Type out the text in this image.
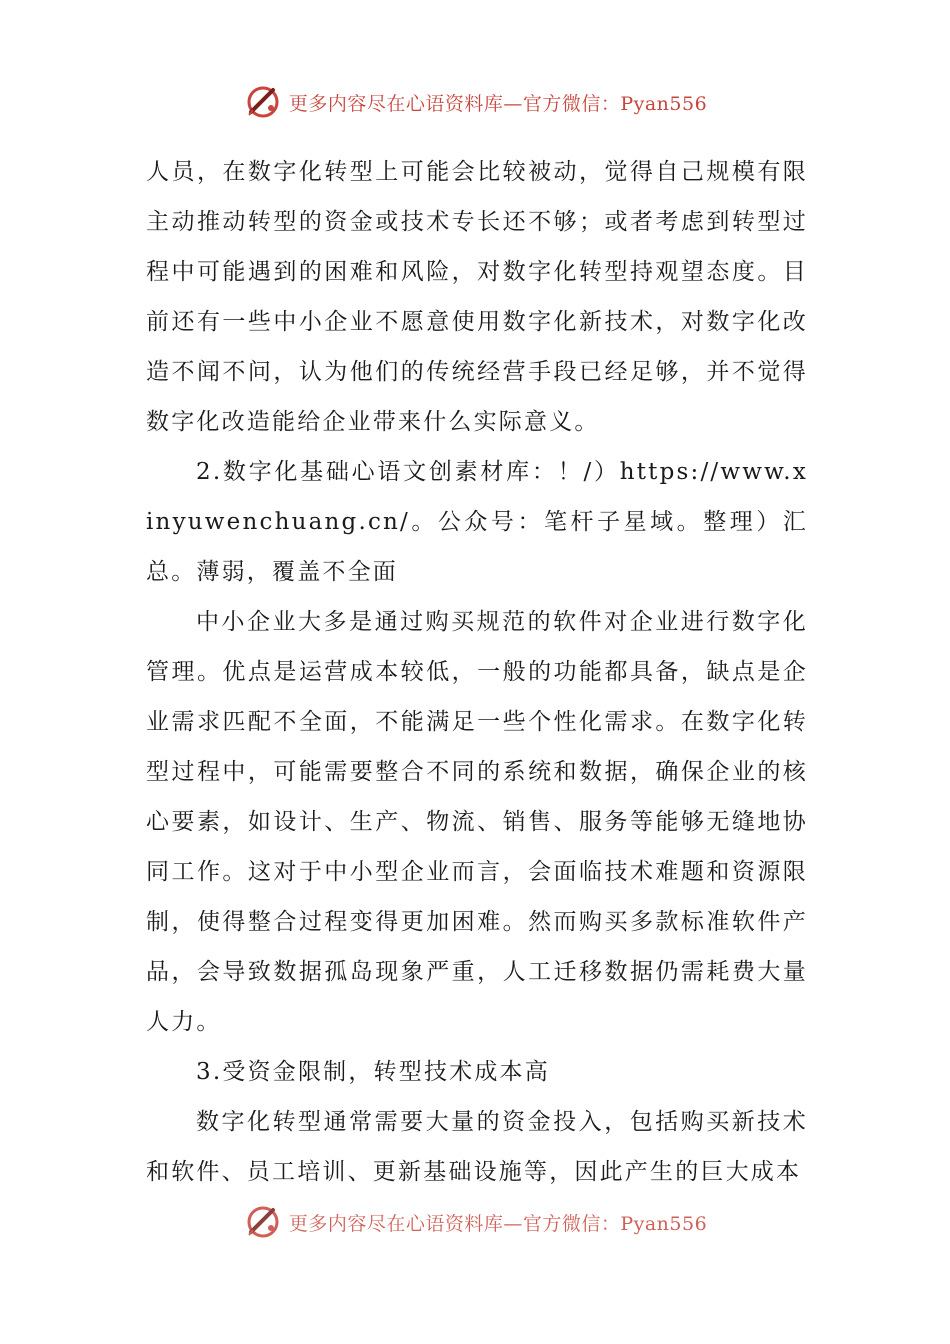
更多内容尽在心语资料库—官方微信：Pyan556

人员，在数字化转型上可能会比较被动，觉得自己规模有限主动推动转型的资金或技术专长还不够；或者考虑到转型过程中可能遇到的困难和风险，对数字化转型持观望态度。目前还有一些中小企业不愿意使用数字化新技术，对数字化改造不闻不问，认为他们的传统经营手段已经足够，并不觉得数字化改造能给企业带来什么实际意义。

2.数字化基础心语文创素材库：！/）https://www.xinyuwenchuang.cn/。公众号：笔杆子星域。整理）汇总。薄弱，覆盖不全面

中小企业大多是通过购买规范的软件对企业进行数字化管理。优点是运营成本较低，一般的功能都具备，缺点是企业需求匹配不全面，不能满足一些个性化需求。在数字化转型过程中，可能需要整合不同的系统和数据，确保企业的核心要素，如设计、生产、物流、销售、服务等能够无缝地协同工作。这对于中小型企业而言，会面临技术难题和资源限制，使得整合过程变得更加困难。然而购买多款标准软件产品，会导致数据孤岛现象严重，人工迁移数据仍需耗费大量人力。

3.受资金限制，转型技术成本高

数字化转型通常需要大量的资金投入，包括购买新技术和软件、员工培训、更新基础设施等，因此产生的巨大成本

更多内容尽在心语资料库—官方微信：Pyan556
